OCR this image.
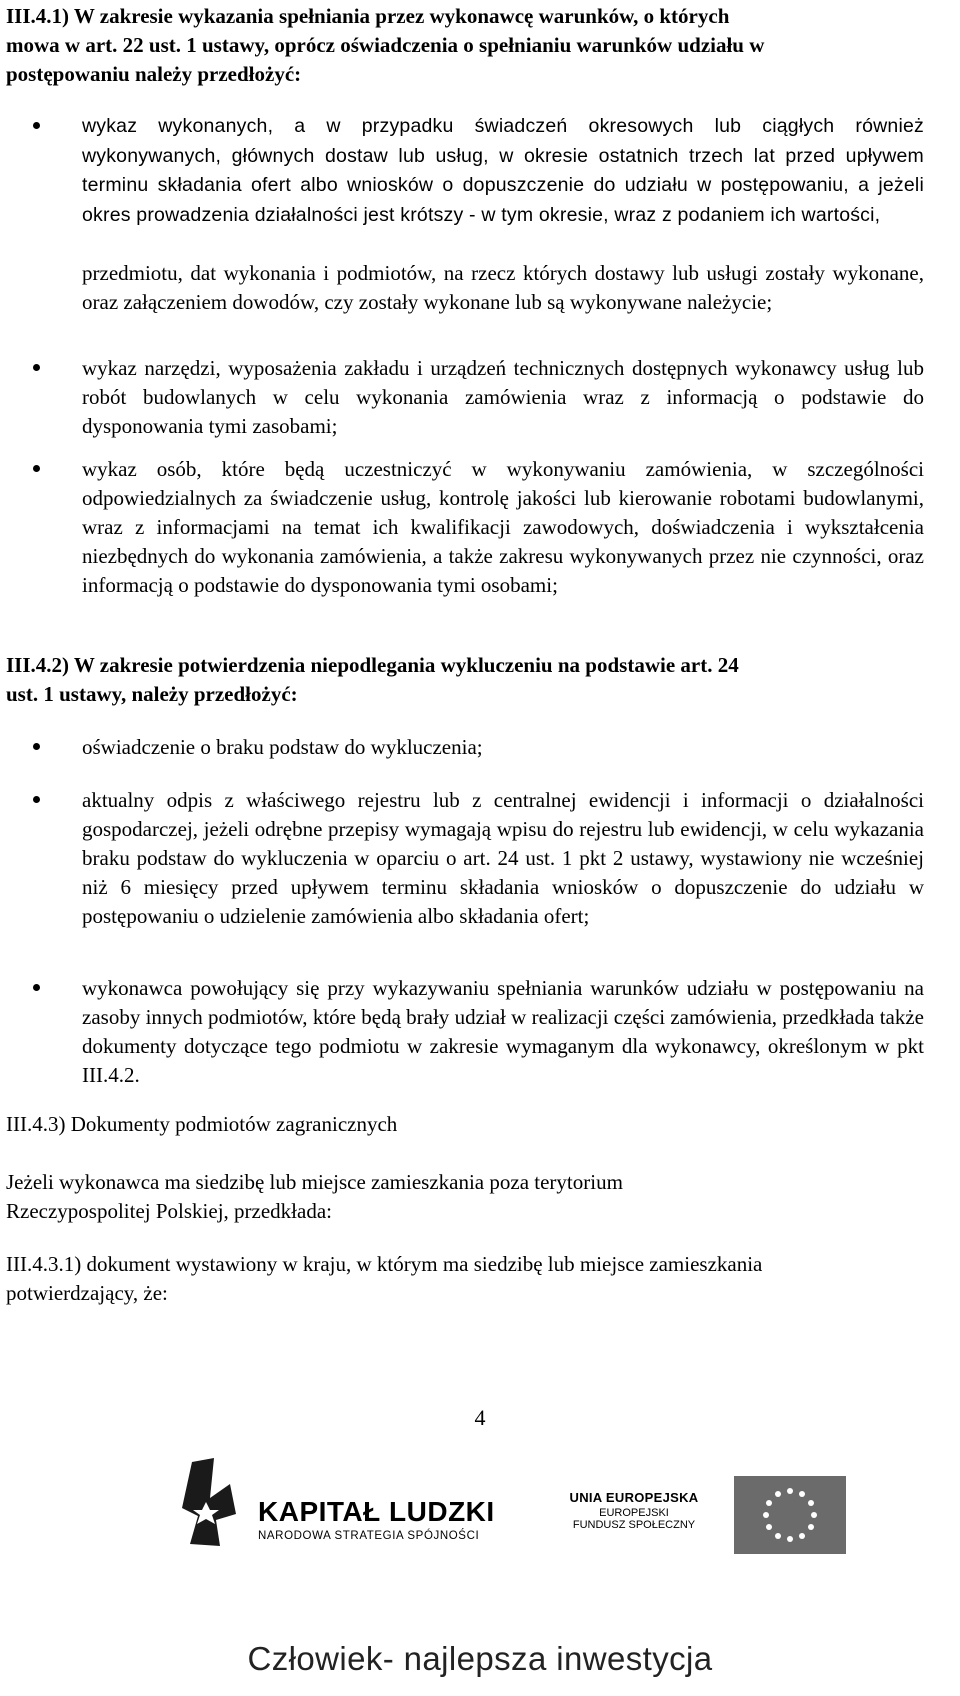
III.4.1) W zakresie wykazania spełniania przez wykonawcę warunków, o których
mowa w art. 22 ust. 1 ustawy, oprócz oświadczenia o spełnianiu warunków udziału w
postępowaniu należy przedłożyć:
wykaz wykonanych, a w przypadku świadczeń okresowych lub ciągłych również wykonywanych, głównych dostaw lub usług, w okresie ostatnich trzech lat przed upływem terminu składania ofert albo wniosków o dopuszczenie do udziału w postępowaniu, a jeżeli okres prowadzenia działalności jest krótszy - w tym okresie, wraz z podaniem ich wartości,
przedmiotu, dat wykonania i podmiotów, na rzecz których dostawy lub usługi zostały wykonane, oraz załączeniem dowodów, czy zostały wykonane lub są wykonywane należycie;
wykaz narzędzi, wyposażenia zakładu i urządzeń technicznych dostępnych wykonawcy usług lub robót budowlanych w celu wykonania zamówienia wraz z informacją o podstawie do dysponowania tymi zasobami;
wykaz osób, które będą uczestniczyć w wykonywaniu zamówienia, w szczególności odpowiedzialnych za świadczenie usług, kontrolę jakości lub kierowanie robotami budowlanymi, wraz z informacjami na temat ich kwalifikacji zawodowych, doświadczenia i wykształcenia niezbędnych do wykonania zamówienia, a także zakresu wykonywanych przez nie czynności, oraz informacją o podstawie do dysponowania tymi osobami;
III.4.2) W zakresie potwierdzenia niepodlegania wykluczeniu na podstawie art. 24
ust. 1 ustawy, należy przedłożyć:
oświadczenie o braku podstaw do wykluczenia;
aktualny odpis z właściwego rejestru lub z centralnej ewidencji i informacji o działalności gospodarczej, jeżeli odrębne przepisy wymagają wpisu do rejestru lub ewidencji, w celu wykazania braku podstaw do wykluczenia w oparciu o art. 24 ust. 1 pkt 2 ustawy, wystawiony nie wcześniej niż 6 miesięcy przed upływem terminu składania wniosków o dopuszczenie do udziału w postępowaniu o udzielenie zamówienia albo składania ofert;
wykonawca powołujący się przy wykazywaniu spełniania warunków udziału w postępowaniu na zasoby innych podmiotów, które będą brały udział w realizacji części zamówienia, przedkłada także dokumenty dotyczące tego podmiotu w zakresie wymaganym dla wykonawcy, określonym w pkt III.4.2.
III.4.3) Dokumenty podmiotów zagranicznych
Jeżeli wykonawca ma siedzibę lub miejsce zamieszkania poza terytorium
Rzeczypospolitej Polskiej, przedkłada:
III.4.3.1) dokument wystawiony w kraju, w którym ma siedzibę lub miejsce zamieszkania
potwierdzający, że:
4
KAPITAŁ LUDZKI
NARODOWA STRATEGIA SPÓJNOŚCI
UNIA EUROPEJSKA
EUROPEJSKI
FUNDUSZ SPOŁECZNY
Człowiek- najlepsza inwestycja
